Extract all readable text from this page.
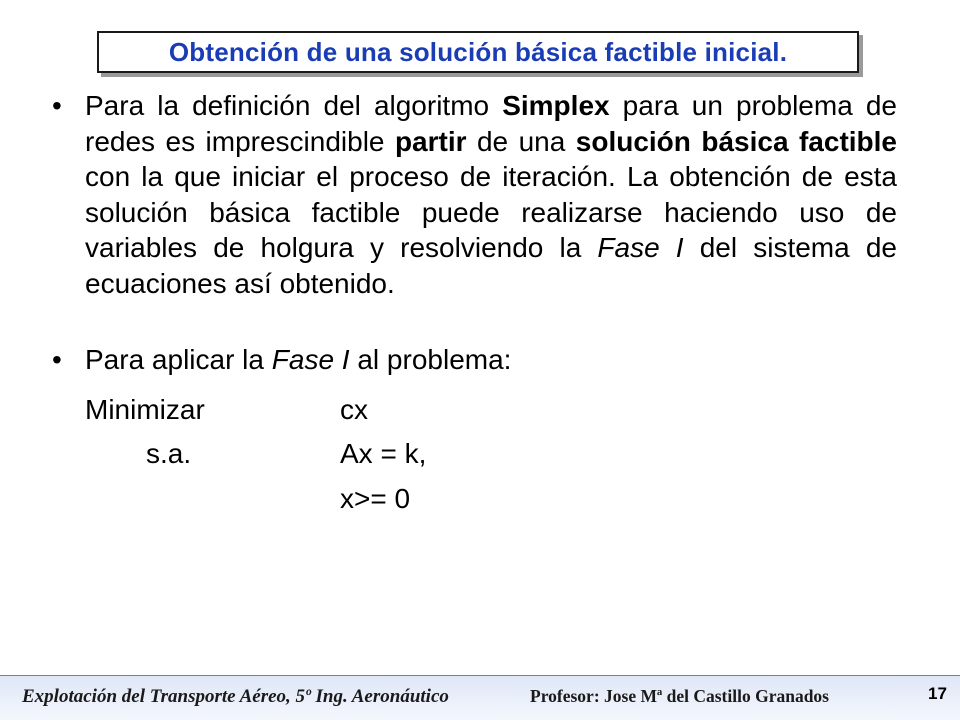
Obtención de una solución básica factible inicial.
• Para la definición del algoritmo Simplex para un problema de redes es imprescindible partir de una solución básica factible con la que iniciar el proceso de iteración. La obtención de esta solución básica factible puede realizarse haciendo uso de variables de holgura y resolviendo la Fase I del sistema de ecuaciones así obtenido.
• Para aplicar la Fase I al problema:
Minimizar	cx
s.a.	Ax = k,
x>= 0
Explotación del Transporte Aéreo, 5º Ing. Aeronáutico	Profesor: Jose Mª del Castillo Granados	17
